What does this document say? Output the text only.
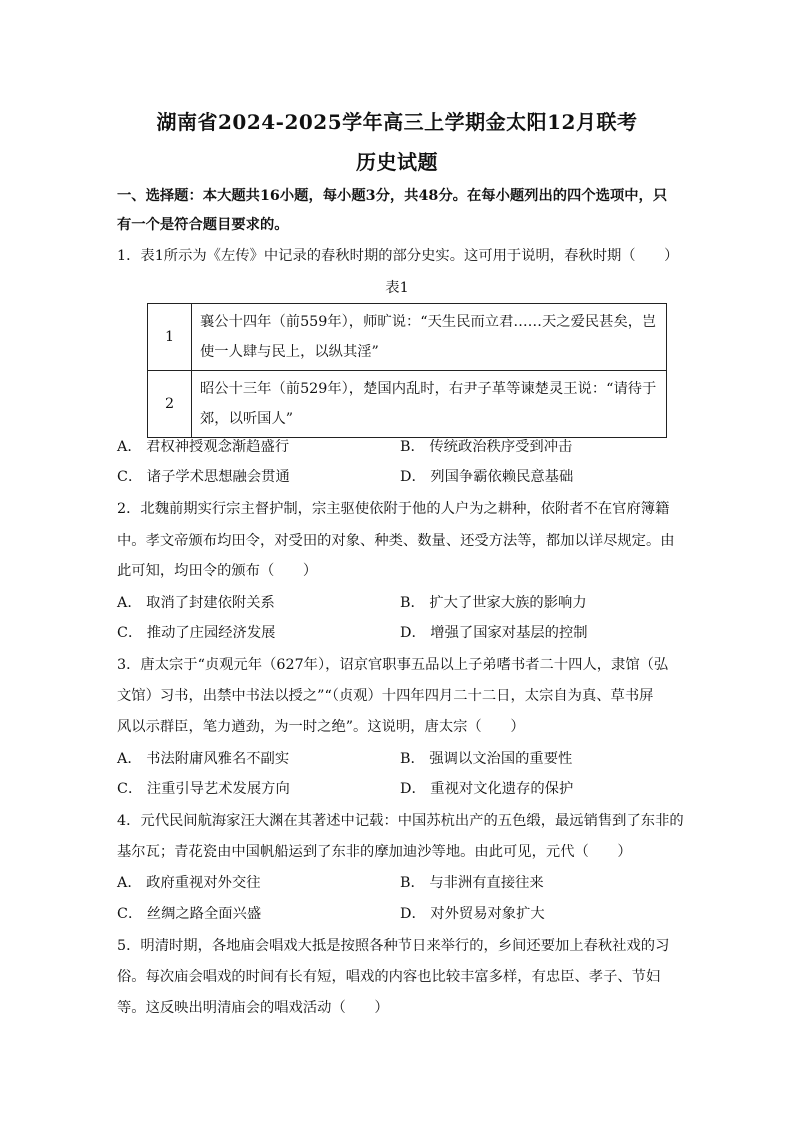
湖南省2024-2025学年高三上学期金太阳12月联考
历史试题
一、选择题：本大题共16小题，每小题3分，共48分。在每小题列出的四个选项中，只
有一个是符合题目要求的。
1．表1所示为《左传》中记录的春秋时期的部分史实。这可用于说明，春秋时期（　　）
表1
1	襄公十四年（前559年），师旷说：“天生民而立君……天之爱民甚矣，岂
使一人肆与民上，以纵其淫”

2	昭公十三年（前529年），楚国内乱时，右尹子革等谏楚灵王说：“请待于
郊，以听国人”
A． 君权神授观念渐趋盛行	B． 传统政治秩序受到冲击
C． 诸子学术思想融会贯通	D． 列国争霸依赖民意基础
2．北魏前期实行宗主督护制，宗主驱使依附于他的人户为之耕种，依附者不在官府簿籍
中。孝文帝颁布均田令，对受田的对象、种类、数量、还受方法等，都加以详尽规定。由
此可知，均田令的颁布（　　）
A． 取消了封建依附关系	B． 扩大了世家大族的影响力
C． 推动了庄园经济发展	D． 增强了国家对基层的控制
3．唐太宗于“贞观元年（627年），诏京官职事五品以上子弟嗜书者二十四人，隶馆（弘
文馆）习书，出禁中书法以授之”“（贞观）十四年四月二十二日，太宗自为真、草书屏
风以示群臣，笔力遒劲，为一时之绝”。这说明，唐太宗（　　）
A． 书法附庸风雅名不副实	B． 强调以文治国的重要性
C． 注重引导艺术发展方向	D． 重视对文化遗存的保护
4．元代民间航海家汪大渊在其著述中记载：中国苏杭出产的五色缎，最远销售到了东非的
基尔瓦；青花瓷由中国帆船运到了东非的摩加迪沙等地。由此可见，元代（　　）
A． 政府重视对外交往	B． 与非洲有直接往来
C． 丝绸之路全面兴盛	D． 对外贸易对象扩大
5．明清时期，各地庙会唱戏大抵是按照各种节日来举行的，乡间还要加上春秋社戏的习
俗。每次庙会唱戏的时间有长有短，唱戏的内容也比较丰富多样，有忠臣、孝子、节妇
等。这反映出明清庙会的唱戏活动（　　）
